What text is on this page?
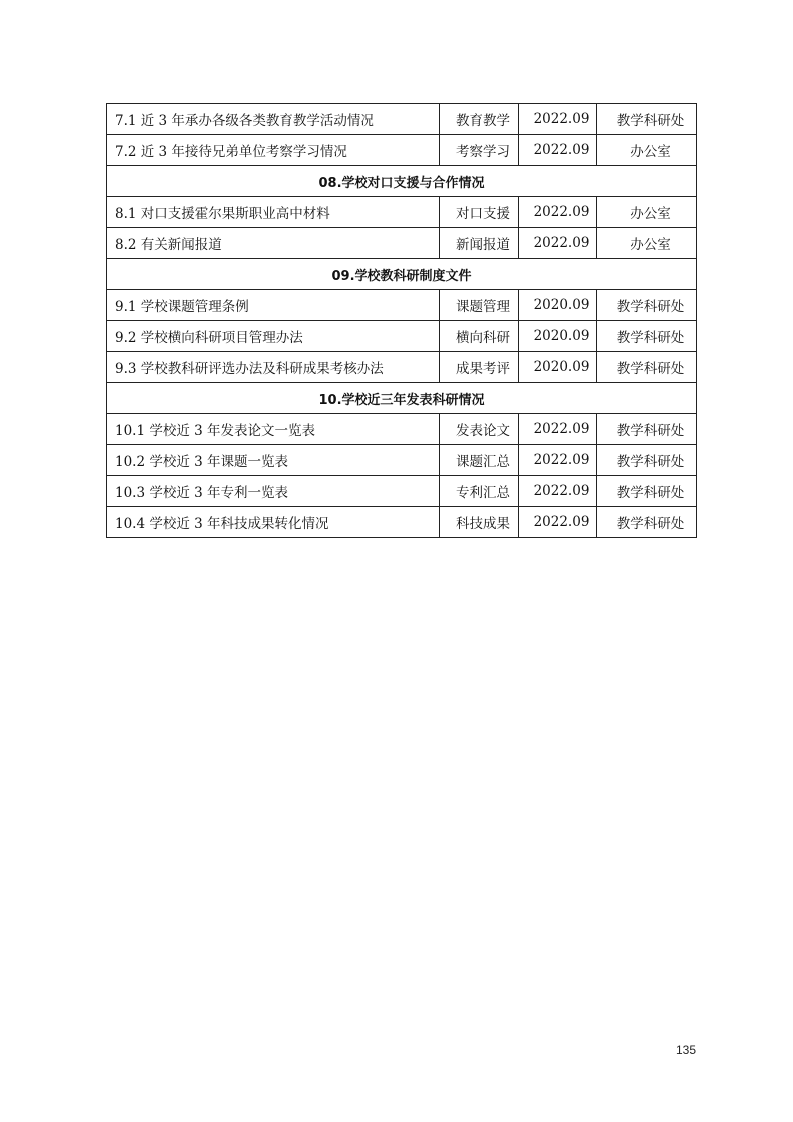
7.1 近 3 年承办各级各类教育教学活动情况	教育教学	2022.09	教学科研处
7.2 近 3 年接待兄弟单位考察学习情况	考察学习	2022.09	办公室
08.学校对口支援与合作情况			
8.1 对口支援霍尔果斯职业高中材料	对口支援	2022.09	办公室
8.2 有关新闻报道	新闻报道	2022.09	办公室
09.学校教科研制度文件			
9.1 学校课题管理条例	课题管理	2020.09	教学科研处
9.2 学校横向科研项目管理办法	横向科研	2020.09	教学科研处
9.3 学校教科研评选办法及科研成果考核办法	成果考评	2020.09	教学科研处
10.学校近三年发表科研情况			
10.1 学校近 3 年发表论文一览表	发表论文	2022.09	教学科研处
10.2 学校近 3 年课题一览表	课题汇总	2022.09	教学科研处
10.3 学校近 3 年专利一览表	专利汇总	2022.09	教学科研处
10.4 学校近 3 年科技成果转化情况	科技成果	2022.09	教学科研处
135
